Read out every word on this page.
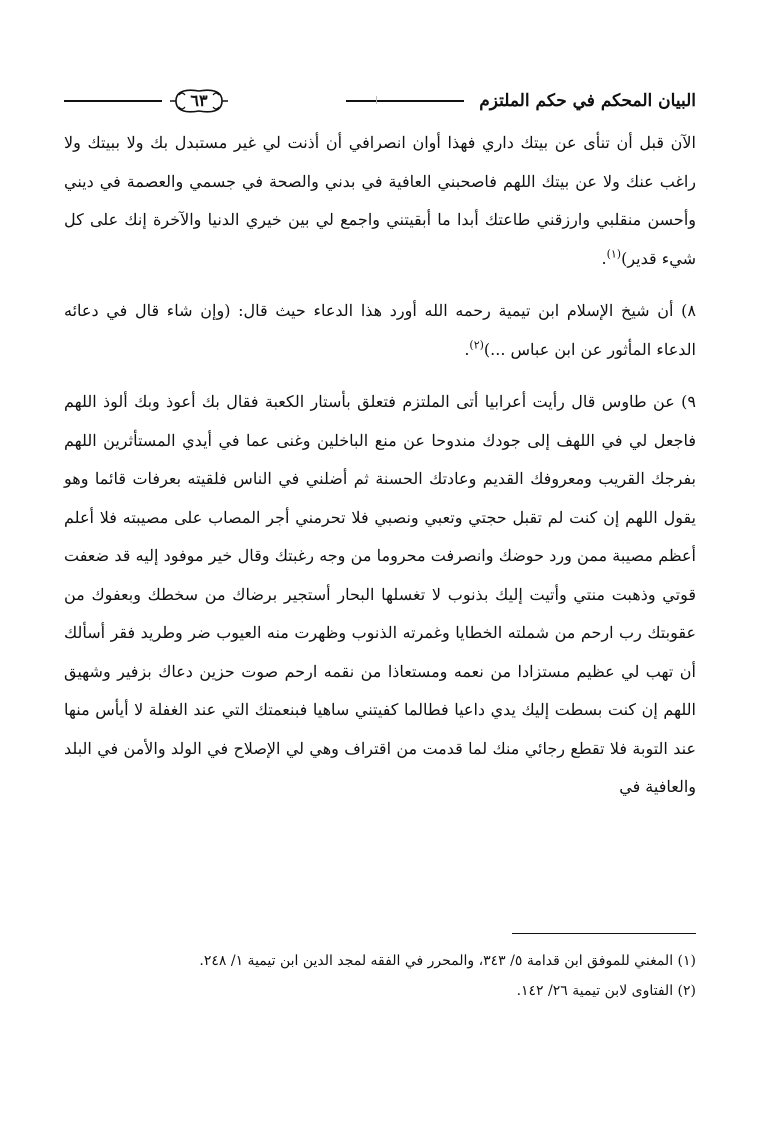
البيان المحكم في حكم الملتزم
٦٣

الآن قبل أن تنأى عن بيتك داري فهذا أوان انصرافي أن أذنت لي غير مستبدل بك ولا ببيتك ولا راغب عنك ولا عن بيتك اللهم فاصحبني العافية في بدني والصحة في جسمي والعصمة في ديني وأحسن منقلبي وارزقني طاعتك أبدا ما أبقيتني واجمع لي بين خيري الدنيا والآخرة إنك على كل شيء قدير)$^{(١)}$.

٨) أن شيخ الإسلام ابن تيمية رحمه الله أورد هذا الدعاء حيث قال: (وإن شاء قال في دعائه الدعاء المأثور عن ابن عباس ...)$^{(٢)}$.

٩) عن طاوس قال رأيت أعرابيا أتى الملتزم فتعلق بأستار الكعبة فقال بك أعوذ وبك ألوذ اللهم فاجعل لي في اللهف إلى جودك مندوحا عن منع الباخلين وغنى عما في أيدي المستأثرين اللهم بفرجك القريب ومعروفك القديم وعادتك الحسنة ثم أضلني في الناس فلقيته بعرفات قائما وهو يقول اللهم إن كنت لم تقبل حجتي وتعبي ونصبي فلا تحرمني أجر المصاب على مصيبته فلا أعلم أعظم مصيبة ممن ورد حوضك وانصرفت محروما من وجه رغبتك وقال خير موفود إليه قد ضعفت قوتي وذهبت منتي وأتيت إليك بذنوب لا تغسلها البحار أستجير برضاك من سخطك وبعفوك من عقوبتك رب ارحم من شملته الخطايا وغمرته الذنوب وظهرت منه العيوب ضر وطريد فقر أسألك أن تهب لي عظيم مستزادا من نعمه ومستعاذا من نقمه ارحم صوت حزين دعاك بزفير وشهيق اللهم إن كنت بسطت إليك يدي داعيا فطالما كفيتني ساهيا فبنعمتك التي عند الغفلة لا أيأس منها عند التوبة فلا تقطع رجائي منك لما قدمت من اقتراف وهي لي الإصلاح في الولد والأمن في البلد والعافية في

(١) المغني للموفق ابن قدامة ٥/ ٣٤٣، والمحرر في الفقه لمجد الدين ابن تيمية ١/ ٢٤٨.

(٢) الفتاوى لابن تيمية ٢٦/ ١٤٢.
